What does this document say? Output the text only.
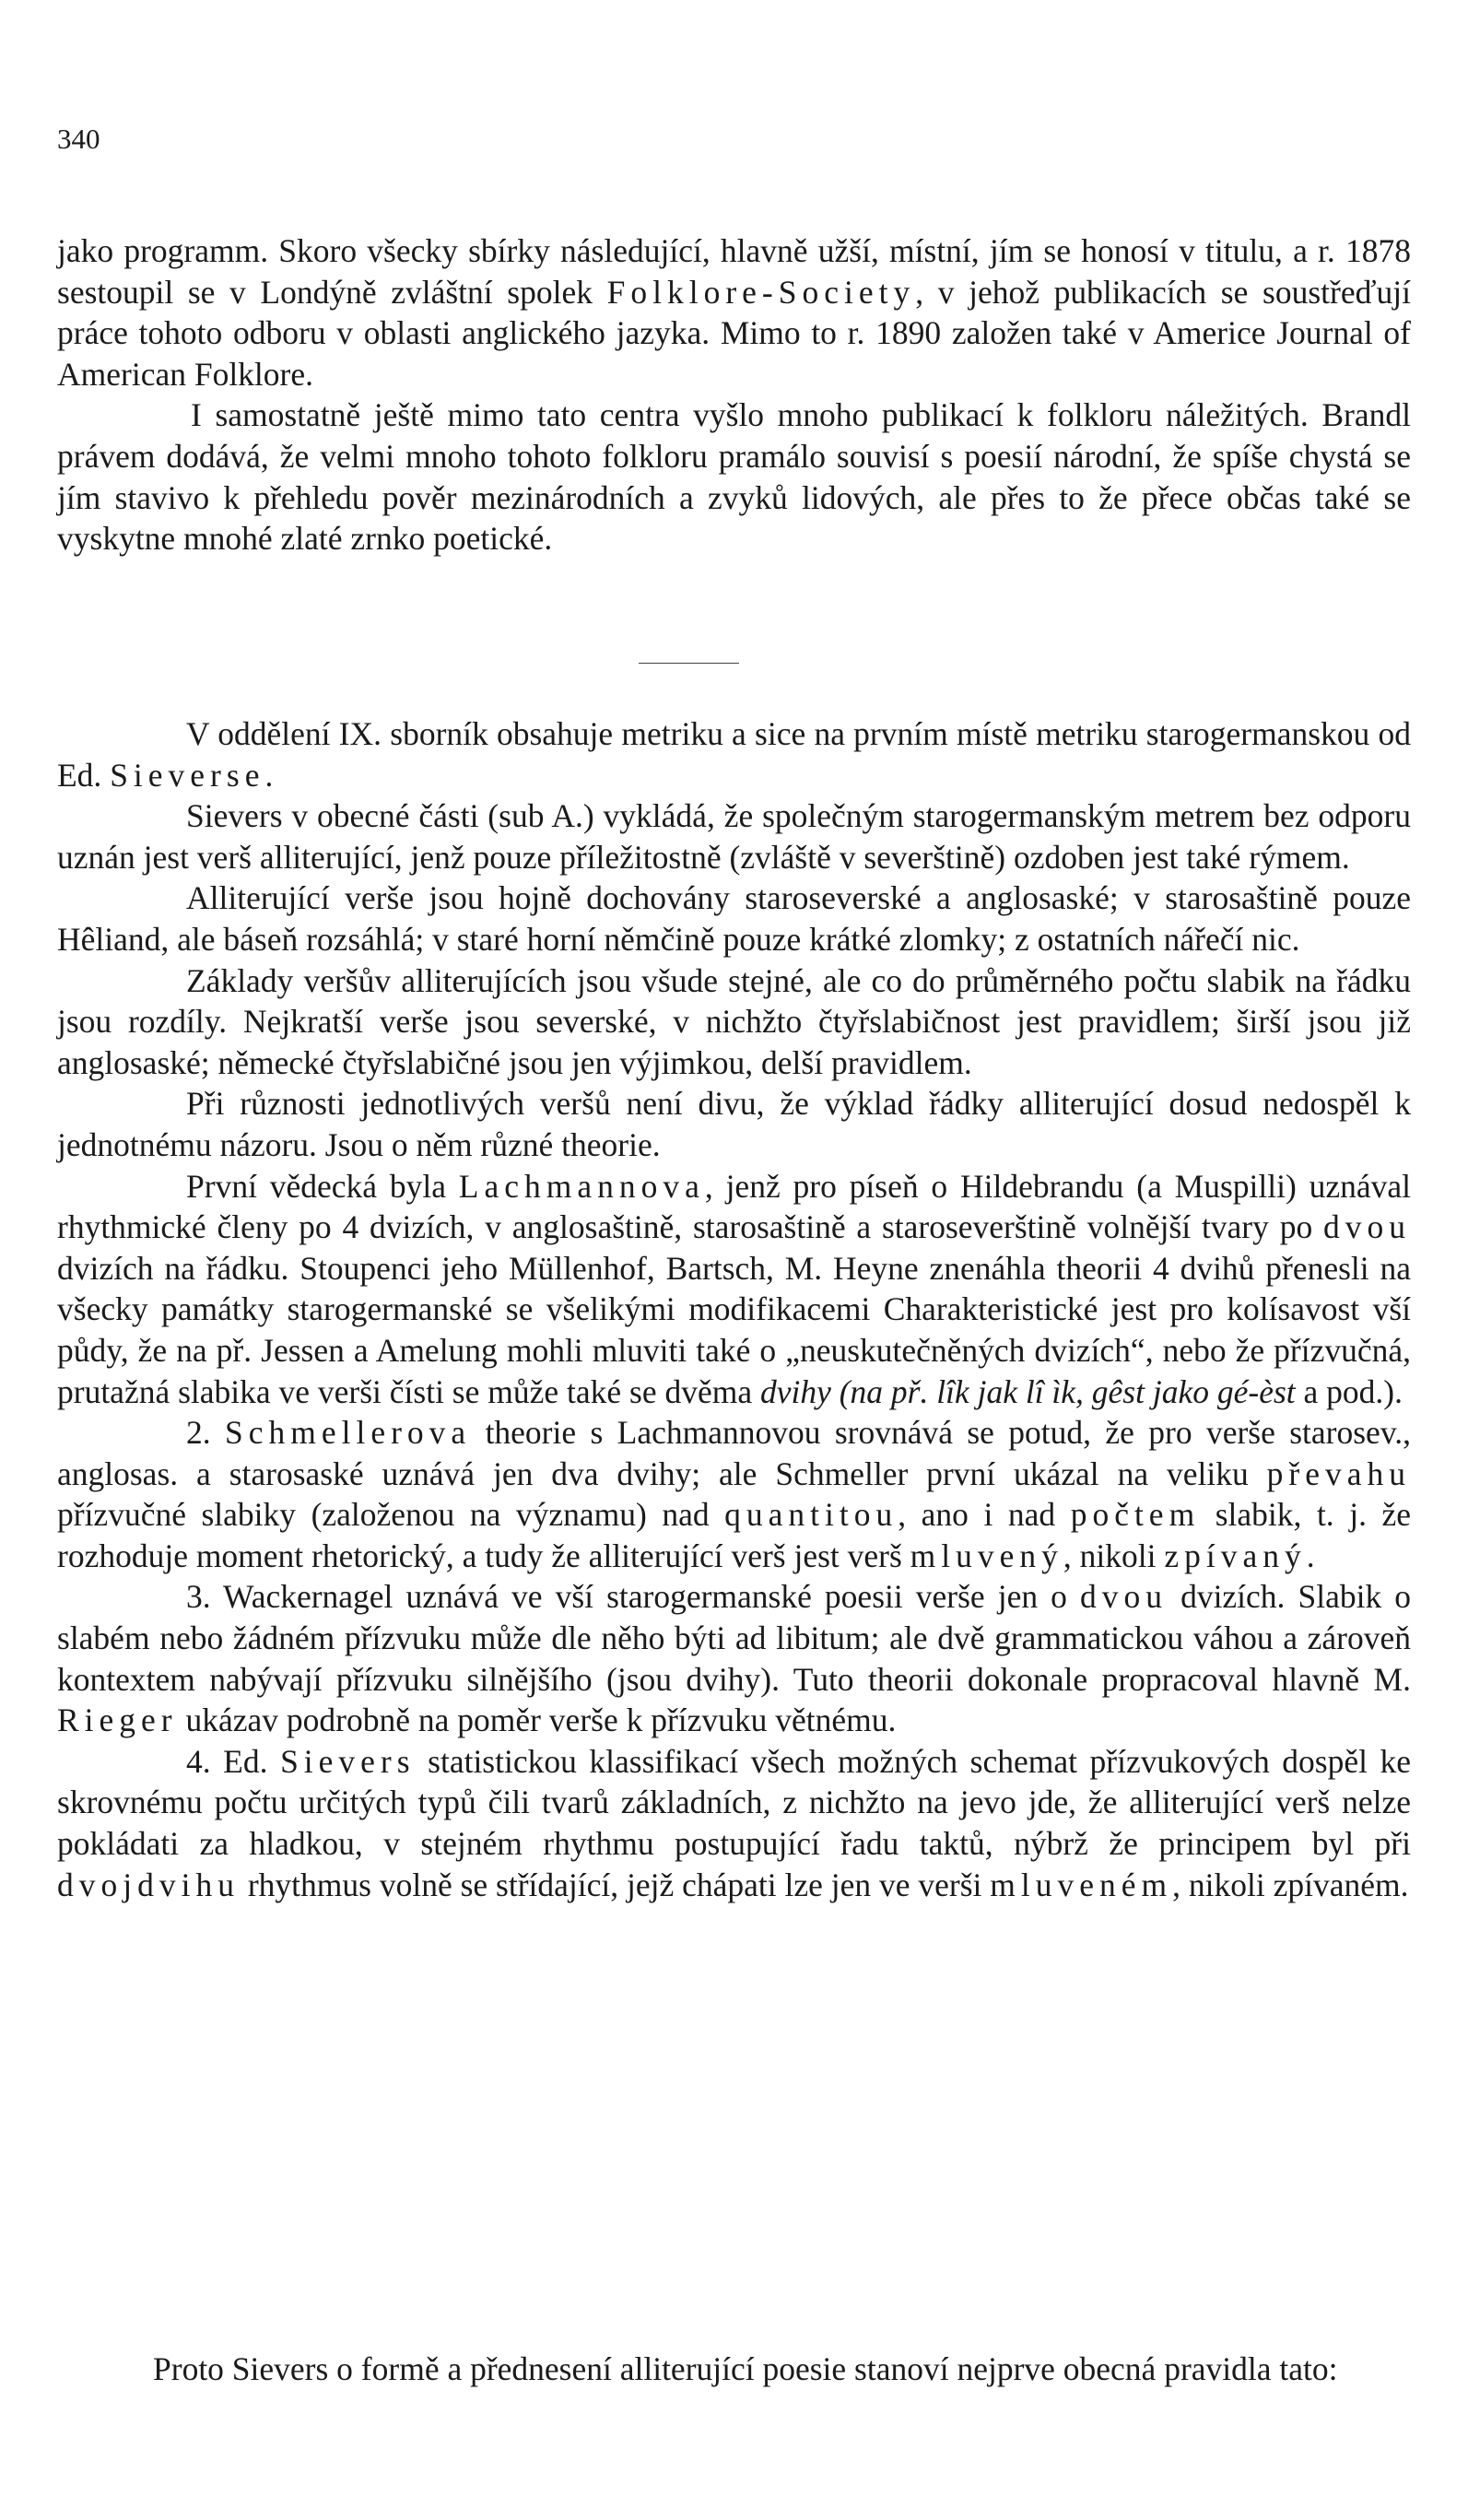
340

jako programm. Skoro všecky sbírky následující, hlavně užší, místní, jím se honosí v titulu, a r. 1878 sestoupil se v Londýně zvláštní spolek Folklore-Society, v jehož publikacích se soustřeďují práce tohoto odboru v oblasti anglického jazyka. Mimo to r. 1890 založen také v Americe Journal of American Folklore.

I samostatně ještě mimo tato centra vyšlo mnoho publikací k folkloru náležitých. Brandl právem dodává, že velmi mnoho tohoto folkloru pramálo souvisí s poesií národní, že spíše chystá se jím stavivo k přehledu pověr mezinárodních a zvyků lidových, ale přes to že přece občas také se vyskytne mnohé zlaté zrnko poetické.

V oddělení IX. sborník obsahuje metriku a sice na prvním místě metriku starogermanskou od Ed. Sieverse.

Sievers v obecné části (sub A.) vykládá, že společným starogermanským metrem bez odporu uznán jest verš alliterující, jenž pouze příležitostně (zvláště v severštině) ozdoben jest také rýmem.

Alliterující verše jsou hojně dochovány staroseverské a anglosaské; v starosaštině pouze Hêliand, ale báseň rozsáhlá; v staré horní němčině pouze krátké zlomky; z ostatních nářečí nic.

Základy veršův alliterujících jsou všude stejné, ale co do průměrného počtu slabik na řádku jsou rozdíly. Nejkratší verše jsou severské, v nichžto čtyřslabičnost jest pravidlem; širší jsou již anglosaské; německé čtyřslabičné jsou jen výjimkou, delší pravidlem.

Při různosti jednotlivých veršů není divu, že výklad řádky alliterující dosud nedospěl k jednotnému názoru. Jsou o něm různé theorie.

První vědecká byla Lachmannova, jenž pro píseň o Hildebrandu (a Muspilli) uznával rhythmické členy po 4 dvizích, v anglosaštině, starosaštině a staroseverštině volnější tvary po dvou dvizích na řádku. Stoupenci jeho Müllenhof, Bartsch, M. Heyne znenáhla theorii 4 dvihů přenesli na všecky památky starogermanské se všelikými modifikacemi Charakteristické jest pro kolísavost vší půdy, že na př. Jessen a Amelung mohli mluviti také o „neuskutečněných dvizích“, nebo že přízvučná, prutažná slabika ve verši čísti se může také se dvěma dvihy (na př. lîk jak lî ìk, gêst jako gé-èst a pod.).

2. Schmellerova theorie s Lachmannovou srovnává se potud, že pro verše starosev., anglosas. a starosaské uznává jen dva dvihy; ale Schmeller první ukázal na veliku převahu přízvučné slabiky (založenou na významu) nad quantitou, ano i nad počtem slabik, t. j. že rozhoduje moment rhetorický, a tudy že alliterující verš jest verš mluvený, nikoli zpívaný.

3. Wackernagel uznává ve vší starogermanské poesii verše jen o dvou dvizích. Slabik o slabém nebo žádném přízvuku může dle něho býti ad libitum; ale dvě grammatickou váhou a zároveň kontextem nabývají přízvuku silnějšího (jsou dvihy). Tuto theorii dokonale propracoval hlavně M. Rieger ukázav podrobně na poměr verše k přízvuku větnému.

4. Ed. Sievers statistickou klassifikací všech možných schemat přízvukových dospěl ke skrovnému počtu určitých typů čili tvarů základních, z nichžto na jevo jde, že alliterující verš nelze pokládati za hladkou, v stejném rhythmu postupující řadu taktů, nýbrž že principem byl při dvojdvihu rhythmus volně se střídající, jejž chápati lze jen ve verši mluveném, nikoli zpívaném.

Proto Sievers o formě a přednesení alliterující poesie stanoví nejprve obecná pravidla tato:
